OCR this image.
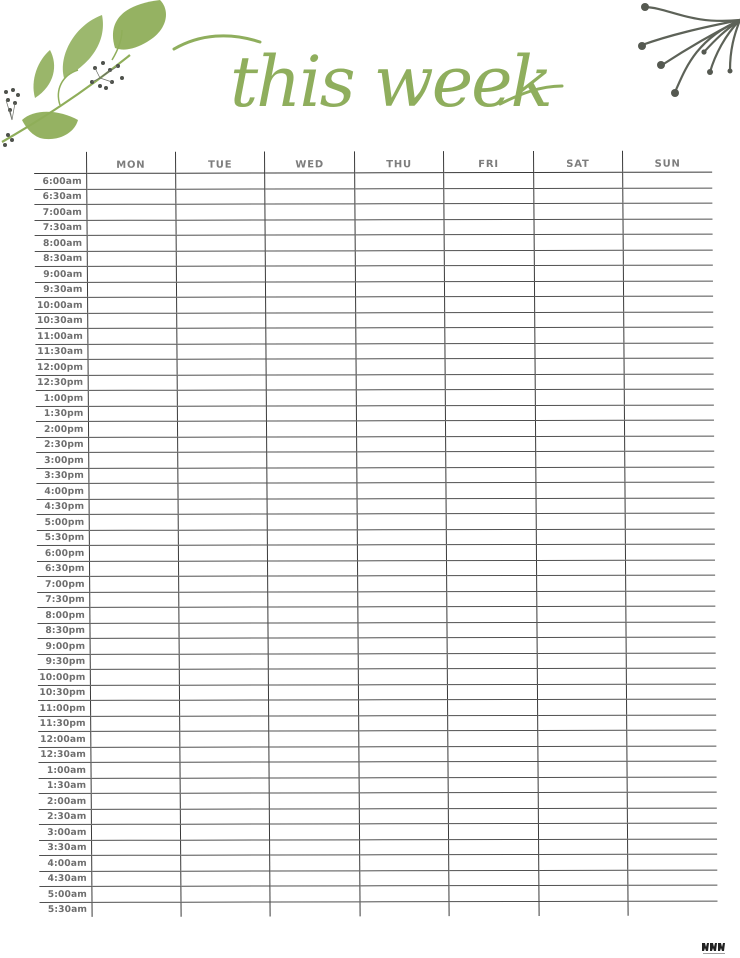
this week
	MON	TUE	WED	THU	FRI	SAT	SUN
6:00am							
6:30am							
7:00am							
7:30am							
8:00am							
8:30am							
9:00am							
9:30am							
10:00am							
10:30am							
11:00am							
11:30am							
12:00pm							
12:30pm							
1:00pm							
1:30pm							
2:00pm							
2:30pm							
3:00pm							
3:30pm							
4:00pm							
4:30pm							
5:00pm							
5:30pm							
6:00pm							
6:30pm							
7:00pm							
7:30pm							
8:00pm							
8:30pm							
9:00pm							
9:30pm							
10:00pm							
10:30pm							
11:00pm							
11:30pm							
12:00am							
12:30am							
1:00am							
1:30am							
2:00am							
2:30am							
3:00am							
3:30am							
4:00am							
4:30am							
5:00am							
5:30am							
